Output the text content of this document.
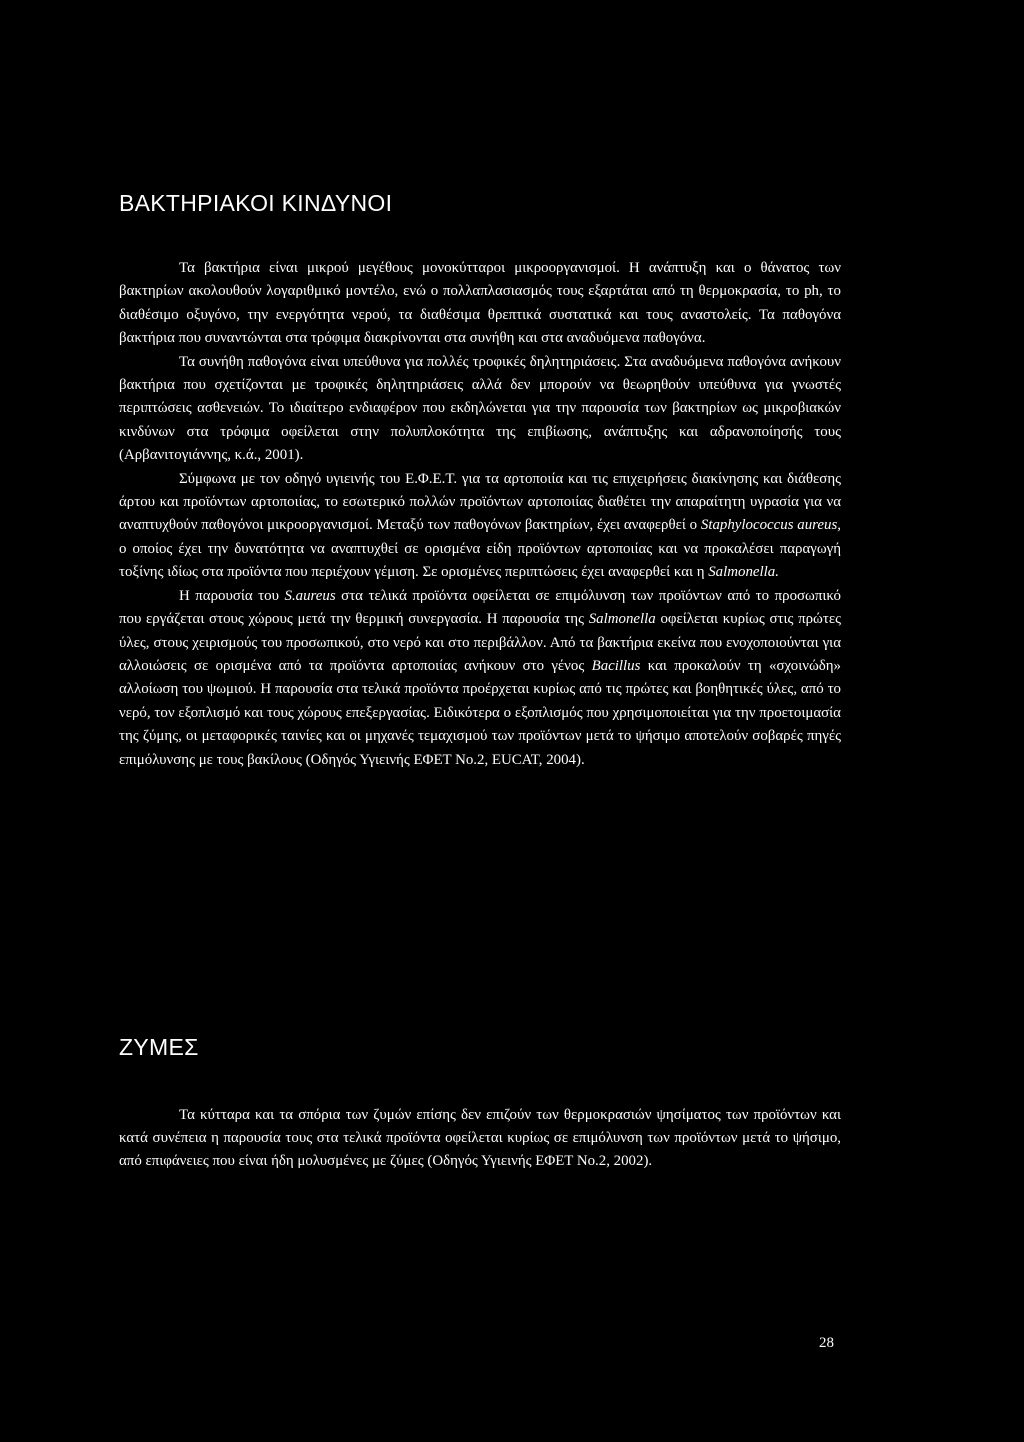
ΒΑΚΤΗΡΙΑΚΟΙ ΚΙΝΔΥΝΟΙ

Τα βακτήρια είναι μικρού μεγέθους μονοκύτταροι μικροοργανισμοί. Η ανάπτυξη και ο θάνατος των βακτηρίων ακολουθούν λογαριθμικό μοντέλο, ενώ ο πολλαπλασιασμός τους εξαρτάται από τη θερμοκρασία, το ph, το διαθέσιμο οξυγόνο, την ενεργότητα νερού, τα διαθέσιμα θρεπτικά συστατικά και τους αναστολείς. Τα παθογόνα βακτήρια που συναντώνται στα τρόφιμα διακρίνονται στα συνήθη και στα αναδυόμενα παθογόνα.

Τα συνήθη παθογόνα είναι υπεύθυνα για πολλές τροφικές δηλητηριάσεις. Στα αναδυόμενα παθογόνα ανήκουν βακτήρια που σχετίζονται με τροφικές δηλητηριάσεις αλλά δεν μπορούν να θεωρηθούν υπεύθυνα για γνωστές περιπτώσεις ασθενειών. Το ιδιαίτερο ενδιαφέρον που εκδηλώνεται για την παρουσία των βακτηρίων ως μικροβιακών κινδύνων στα τρόφιμα οφείλεται στην πολυπλοκότητα της επιβίωσης, ανάπτυξης και αδρανοποίησής τους (Αρβανιτογιάννης, κ.ά., 2001).

Σύμφωνα με τον οδηγό υγιεινής του Ε.Φ.Ε.Τ. για τα αρτοποιία και τις επιχειρήσεις διακίνησης και διάθεσης άρτου και προϊόντων αρτοποιίας, το εσωτερικό πολλών προϊόντων αρτοποιίας διαθέτει την απαραίτητη υγρασία για να αναπτυχθούν παθογόνοι μικροοργανισμοί. Μεταξύ των παθογόνων βακτηρίων, έχει αναφερθεί ο Staphylococcus aureus, ο οποίος έχει την δυνατότητα να αναπτυχθεί σε ορισμένα είδη προϊόντων αρτοποιίας και να προκαλέσει παραγωγή τοξίνης ιδίως στα προϊόντα που περιέχουν γέμιση. Σε ορισμένες περιπτώσεις έχει αναφερθεί και η Salmonella.

Η παρουσία του S.aureus στα τελικά προϊόντα οφείλεται σε επιμόλυνση των προϊόντων από το προσωπικό που εργάζεται στους χώρους μετά την θερμική συνεργασία. Η παρουσία της Salmonella οφείλεται κυρίως στις πρώτες ύλες, στους χειρισμούς του προσωπικού, στο νερό και στο περιβάλλον. Από τα βακτήρια εκείνα που ενοχοποιούνται για αλλοιώσεις σε ορισμένα από τα προϊόντα αρτοποιίας ανήκουν στο γένος Bacillus και προκαλούν τη «σχοινώδη» αλλοίωση του ψωμιού. Η παρουσία στα τελικά προϊόντα προέρχεται κυρίως από τις πρώτες και βοηθητικές ύλες, από το νερό, τον εξοπλισμό και τους χώρους επεξεργασίας. Ειδικότερα ο εξοπλισμός που χρησιμοποιείται για την προετοιμασία της ζύμης, οι μεταφορικές ταινίες και οι μηχανές τεμαχισμού των προϊόντων μετά το ψήσιμο αποτελούν σοβαρές πηγές επιμόλυνσης με τους βακίλους (Οδηγός Υγιεινής ΕΦΕΤ Νο.2, EUCAT, 2004).

ΖΥΜΕΣ

Τα κύτταρα και τα σπόρια των ζυμών επίσης δεν επιζούν των θερμοκρασιών ψησίματος των προϊόντων και κατά συνέπεια η παρουσία τους στα τελικά προϊόντα οφείλεται κυρίως σε επιμόλυνση των προϊόντων μετά το ψήσιμο, από επιφάνειες που είναι ήδη μολυσμένες με ζύμες (Οδηγός Υγιεινής ΕΦΕΤ Νο.2, 2002).

28
